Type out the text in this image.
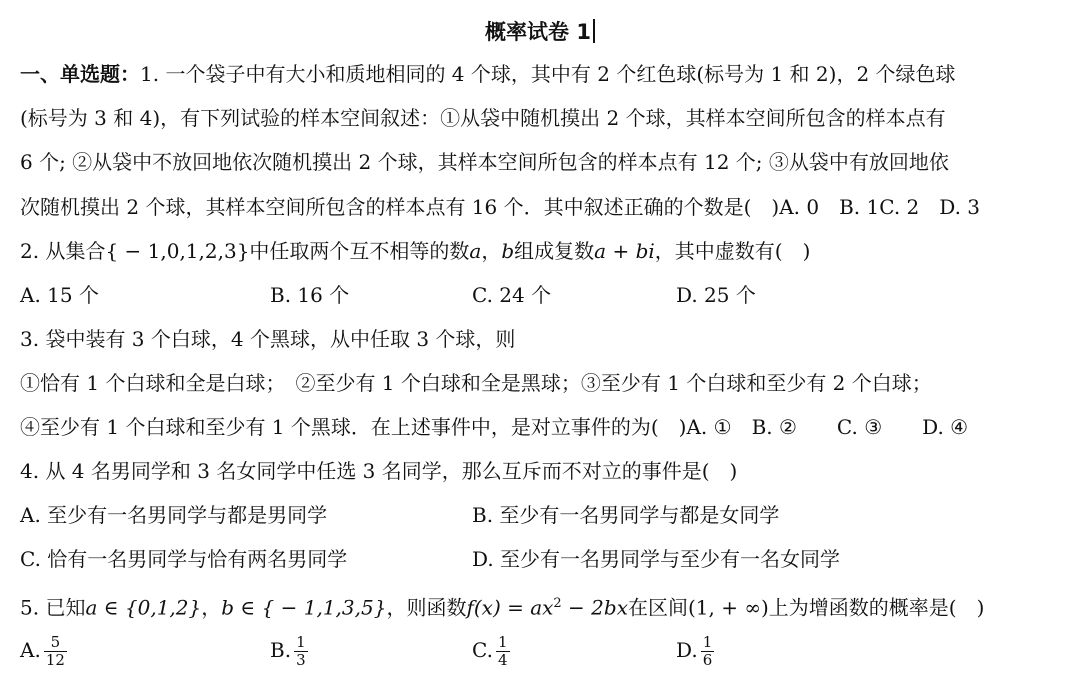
概率试卷 1
一、单选题：1. 一个袋子中有大小和质地相同的 4 个球，其中有 2 个红色球(标号为 1 和 2)，2 个绿色球
(标号为 3 和 4)，有下列试验的样本空间叙述：①从袋中随机摸出 2 个球，其样本空间所包含的样本点有
6 个; ②从袋中不放回地依次随机摸出 2 个球，其样本空间所包含的样本点有 12 个; ③从袋中有放回地依
次随机摸出 2 个球，其样本空间所包含的样本点有 16 个．其中叙述正确的个数是(　)A. 0　B. 1C. 2　D. 3
2. 从集合{ − 1,0,1,2,3}中任取两个互不相等的数a，b组成复数a + bi，其中虚数有(　)
A. 15 个	B. 16 个	C. 24 个	D. 25 个
3. 袋中装有 3 个白球，4 个黑球，从中任取 3 个球，则
①恰有 1 个白球和全是白球；　②至少有 1 个白球和全是黑球；③至少有 1 个白球和至少有 2 个白球；
④至少有 1 个白球和至少有 1 个黑球．在上述事件中，是对立事件的为(　)A. ①　B. ②　　C. ③　　D. ④
4. 从 4 名男同学和 3 名女同学中任选 3 名同学，那么互斥而不对立的事件是(　)
A. 至少有一名男同学与都是男同学	B. 至少有一名男同学与都是女同学
C. 恰有一名男同学与恰有两名男同学	D. 至少有一名男同学与至少有一名女同学
5. 已知a ∈ {0,1,2}，b ∈ { − 1,1,3,5}，则函数$f(x) = ax^2 - 2bx$在区间(1, + ∞)上为增函数的概率是(　)
A. $\frac{5}{12}$	B. $\frac{1}{3}$	C. $\frac{1}{4}$	D. $\frac{1}{6}$
